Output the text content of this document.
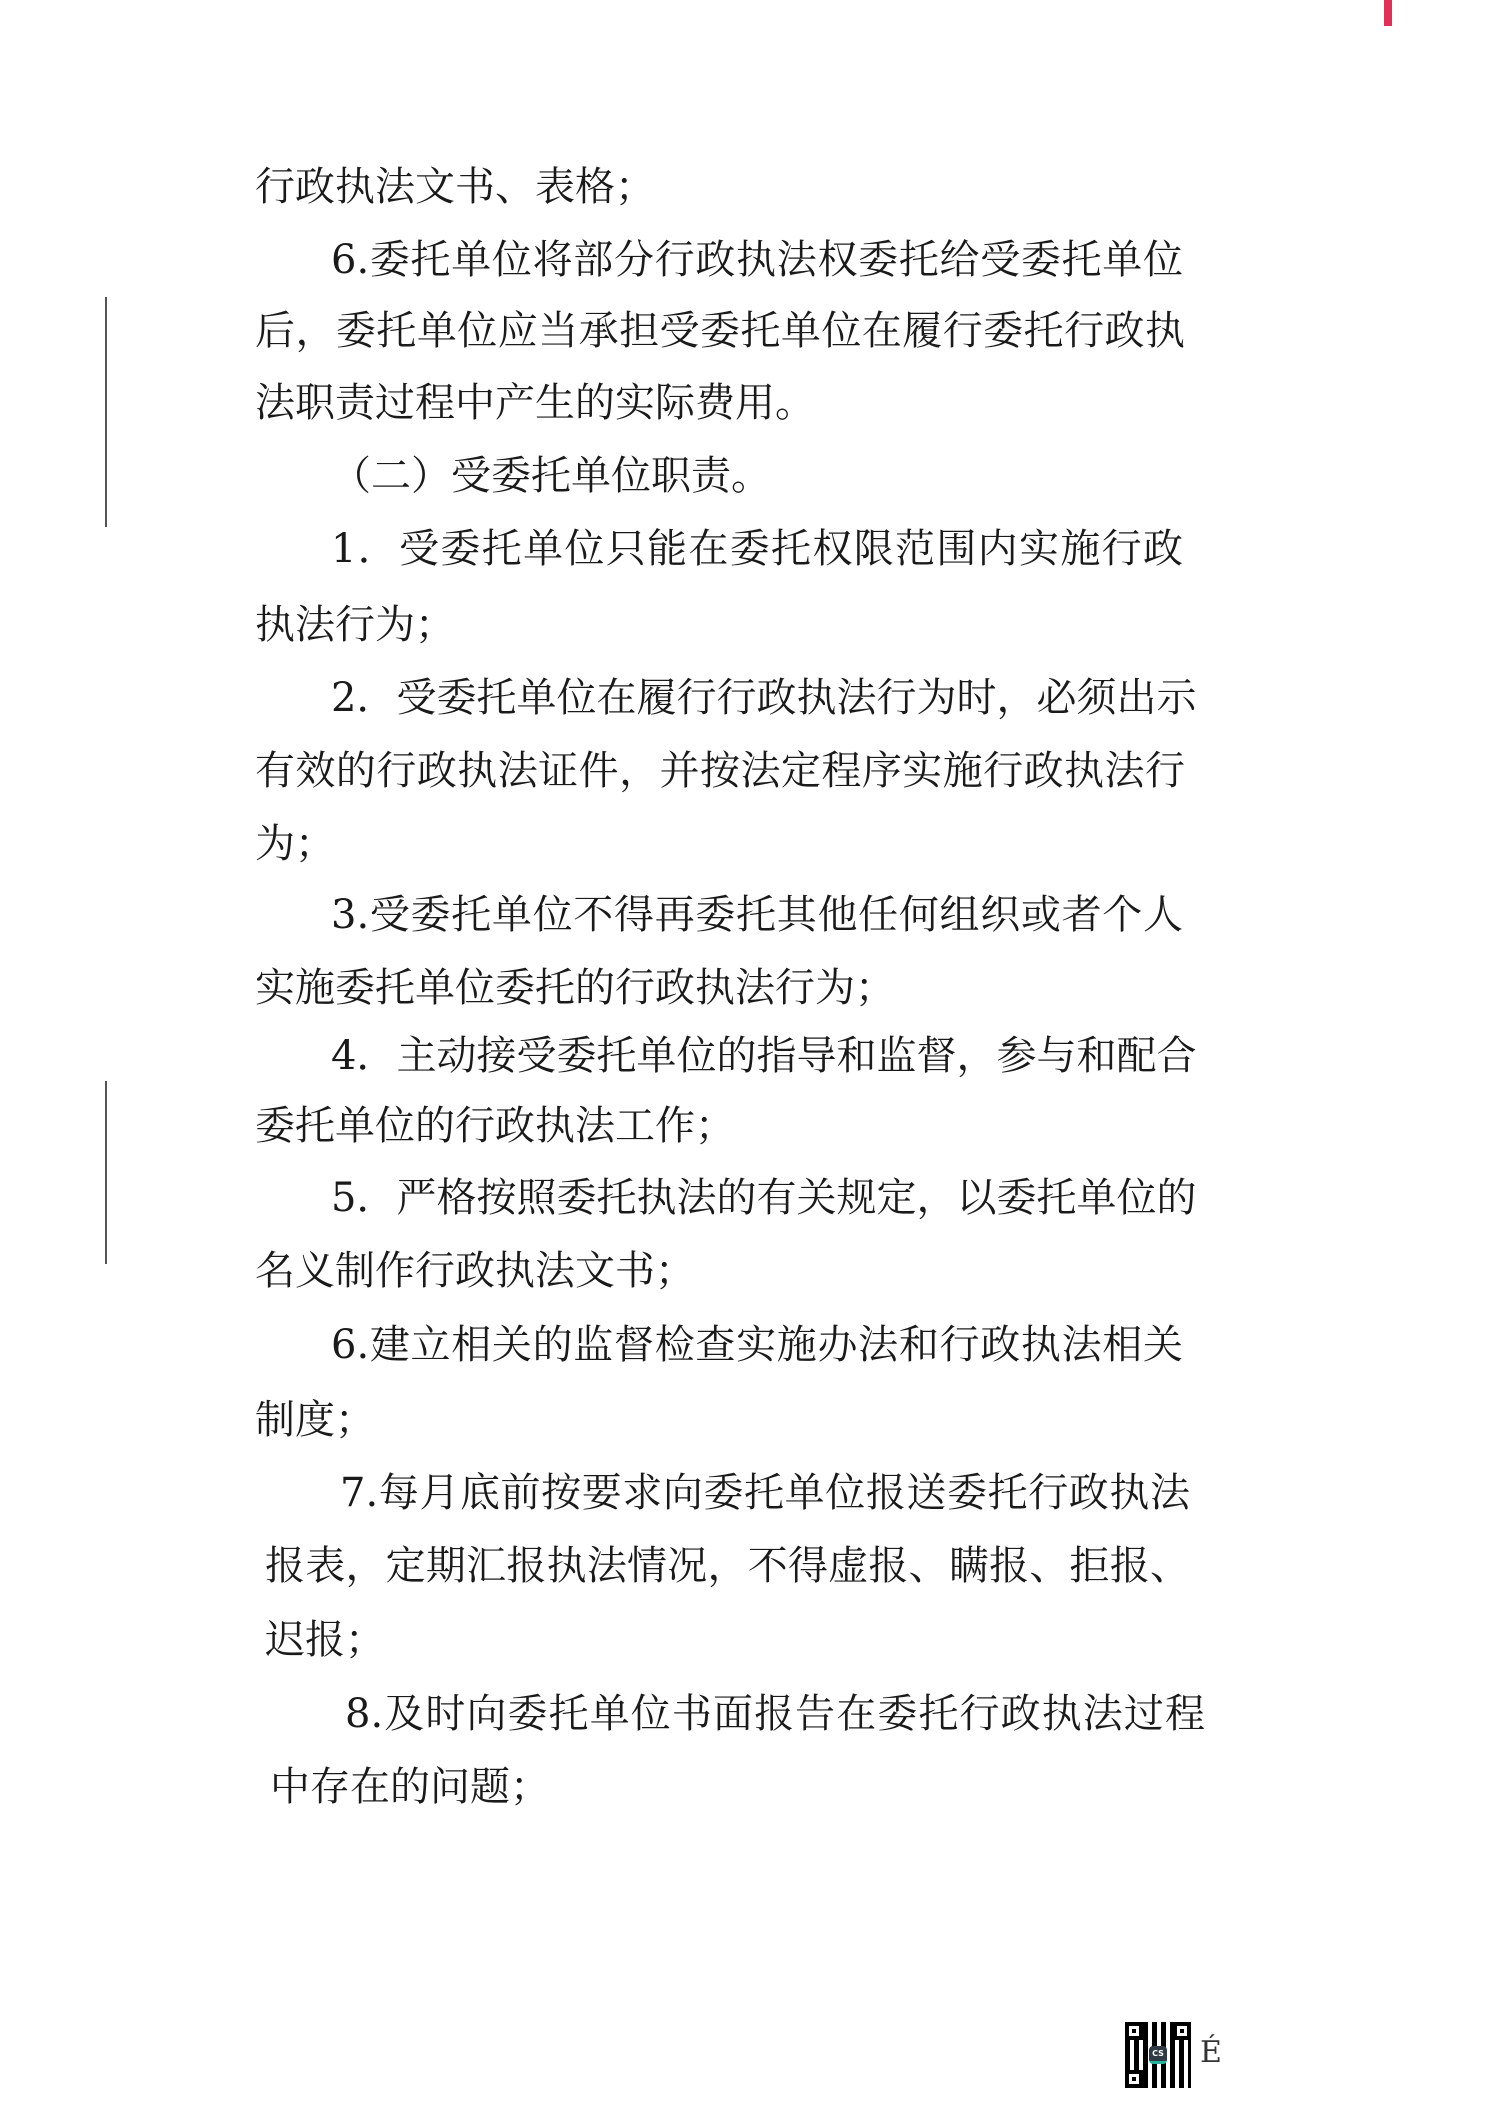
行政执法文书、表格；
6.委托单位将部分行政执法权委托给受委托单位
后，委托单位应当承担受委托单位在履行委托行政执
法职责过程中产生的实际费用。
（二）受委托单位职责。
1．受委托单位只能在委托权限范围内实施行政
执法行为；
2．受委托单位在履行行政执法行为时，必须出示
有效的行政执法证件，并按法定程序实施行政执法行
为；
3.受委托单位不得再委托其他任何组织或者个人
实施委托单位委托的行政执法行为；
4．主动接受委托单位的指导和监督，参与和配合
委托单位的行政执法工作；
5．严格按照委托执法的有关规定，以委托单位的
名义制作行政执法文书；
6.建立相关的监督检查实施办法和行政执法相关
制度；
7.每月底前按要求向委托单位报送委托行政执法
报表，定期汇报执法情况，不得虚报、瞒报、拒报、
迟报；
8.及时向委托单位书面报告在委托行政执法过程
中存在的问题；
CS É
